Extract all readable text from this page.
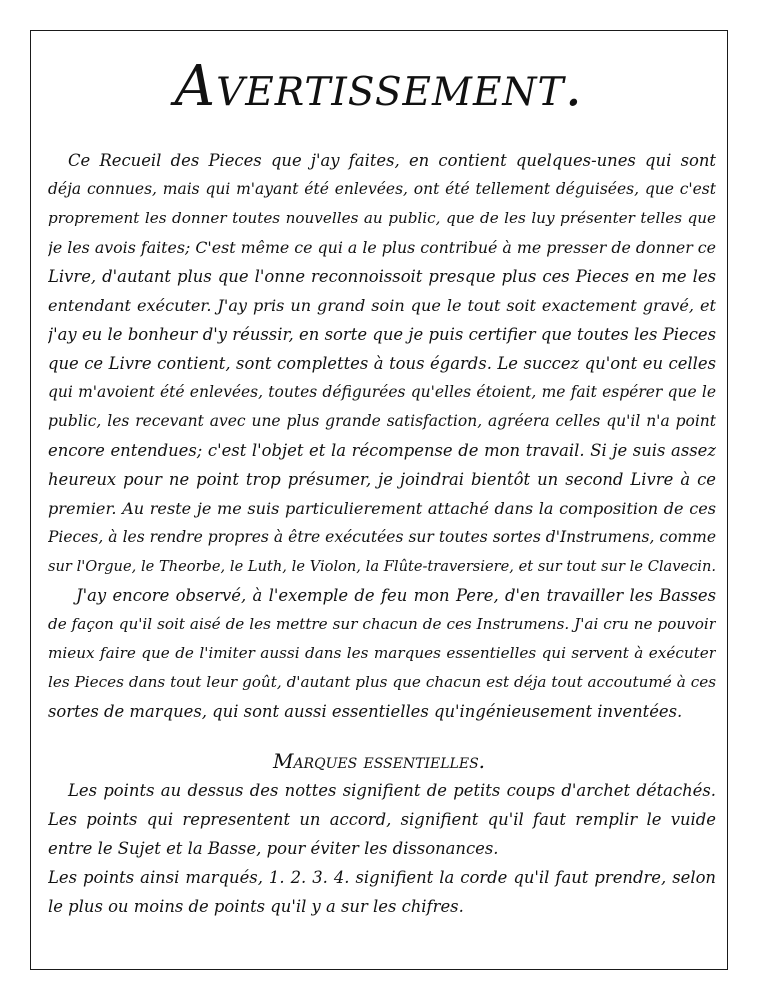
Avertissement.
Ce Recueil des Pieces que j'ay faites, en contient quelques-unes qui sont
déja connues, mais qui m'ayant été enlevées, ont été tellement déguisées, que c'est
proprement les donner toutes nouvelles au public, que de les luy présenter telles que
je les avois faites; C'est même ce qui a le plus contribué à me presser de donner ce
Livre, d'autant plus que l'onne reconnoissoit presque plus ces Pieces en me les
entendant exécuter. J'ay pris un grand soin que le tout soit exactement gravé, et
j'ay eu le bonheur d'y réussir, en sorte que je puis certifier que toutes les Pieces
que ce Livre contient, sont complettes à tous égards. Le succez qu'ont eu celles
qui m'avoient été enlevées, toutes défigurées qu'elles étoient, me fait espérer que le
public, les recevant avec une plus grande satisfaction, agréera celles qu'il n'a point
encore entendues; c'est l'objet et la récompense de mon travail. Si je suis assez
heureux pour ne point trop présumer, je joindrai bientôt un second Livre à ce
premier. Au reste je me suis particulierement attaché dans la composition de ces
Pieces, à les rendre propres à être exécutées sur toutes sortes d'Instrumens, comme
sur l'Orgue, le Theorbe, le Luth, le Violon, la Flûte-traversiere, et sur tout sur le Clavecin.
J'ay encore observé, à l'exemple de feu mon Pere, d'en travailler les Basses
de façon qu'il soit aisé de les mettre sur chacun de ces Instrumens. J'ai cru ne pouvoir
mieux faire que de l'imiter aussi dans les marques essentielles qui servent à exécuter
les Pieces dans tout leur goût, d'autant plus que chacun est déja tout accoutumé à ces
sortes de marques, qui sont aussi essentielles qu'ingénieusement inventées.
Marques essentielles.
Les points au dessus des nottes signifient de petits coups d'archet détachés.
Les points qui representent un accord, signifient qu'il faut remplir le vuide
entre le Sujet et la Basse, pour éviter les dissonances.
Les points ainsi marqués, 1. 2. 3. 4. signifient la corde qu'il faut prendre, selon
le plus ou moins de points qu'il y a sur les chifres.
